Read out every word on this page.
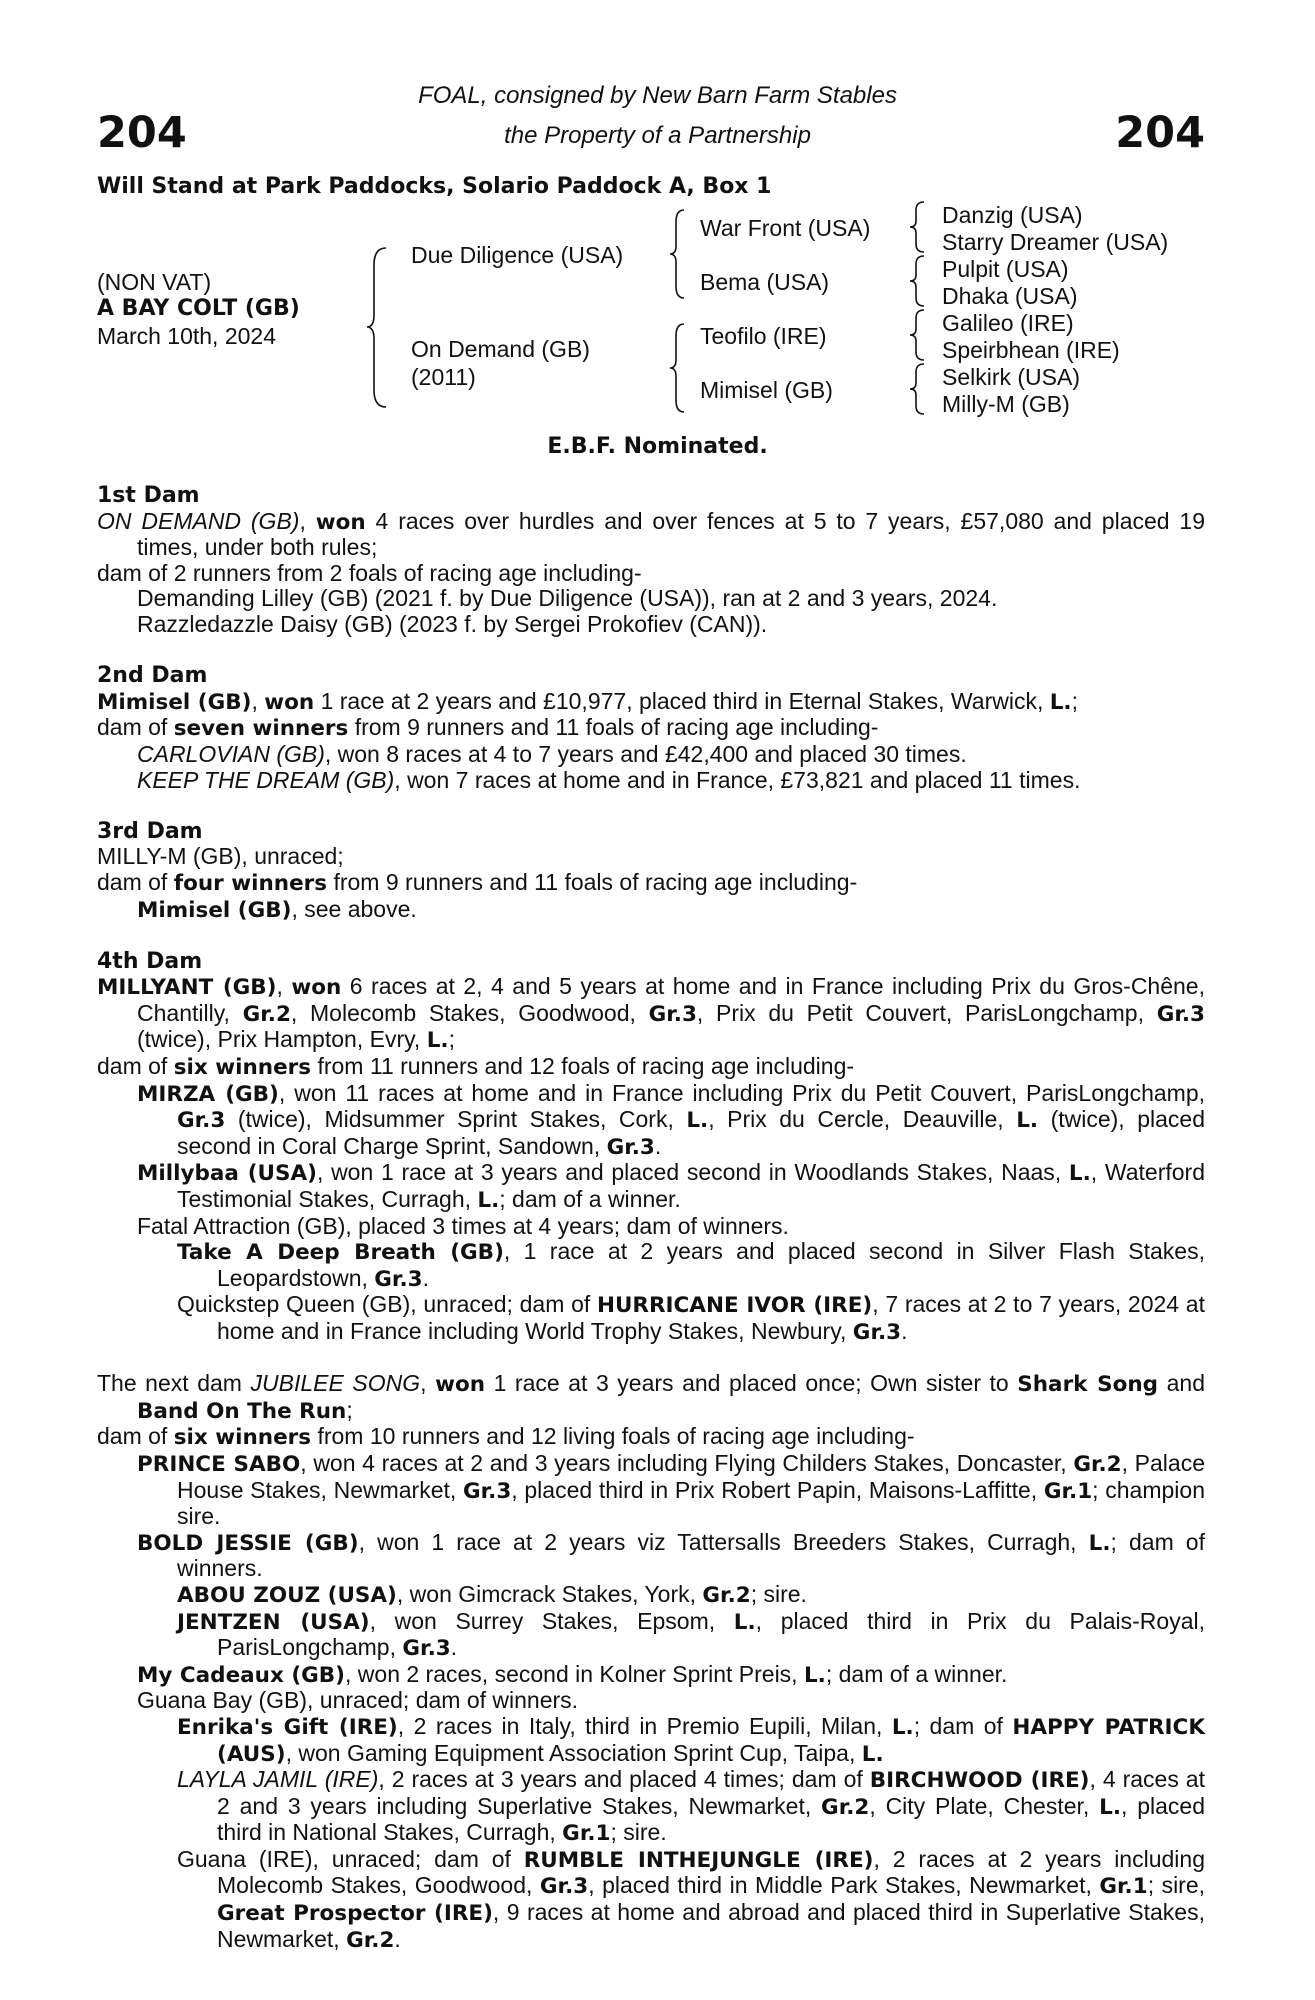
204	204
FOAL, consigned by New Barn Farm Stables
the Property of a Partnership
Will Stand at Park Paddocks, Solario Paddock A, Box 1
(NON VAT)
A BAY COLT (GB)
March 10th, 2024
Due Diligence (USA)
On Demand (GB)
(2011)
War Front (USA)
Bema (USA)
Teofilo (IRE)
Mimisel (GB)
Danzig (USA)
Starry Dreamer (USA)
Pulpit (USA)
Dhaka (USA)
Galileo (IRE)
Speirbhean (IRE)
Selkirk (USA)
Milly-M (GB)
E.B.F. Nominated.
1st Dam
ON DEMAND (GB), won 4 races over hurdles and over fences at 5 to 7 years, £57,080 and placed 19 times, under both rules;
dam of 2 runners from 2 foals of racing age including-
Demanding Lilley (GB) (2021 f. by Due Diligence (USA)), ran at 2 and 3 years, 2024.
Razzledazzle Daisy (GB) (2023 f. by Sergei Prokofiev (CAN)).
2nd Dam
Mimisel (GB), won 1 race at 2 years and £10,977, placed third in Eternal Stakes, Warwick, L.;
dam of seven winners from 9 runners and 11 foals of racing age including-
CARLOVIAN (GB), won 8 races at 4 to 7 years and £42,400 and placed 30 times.
KEEP THE DREAM (GB), won 7 races at home and in France, £73,821 and placed 11 times.
3rd Dam
MILLY-M (GB), unraced;
dam of four winners from 9 runners and 11 foals of racing age including-
Mimisel (GB), see above.
4th Dam
MILLYANT (GB), won 6 races at 2, 4 and 5 years at home and in France including Prix du Gros-Chêne, Chantilly, Gr.2, Molecomb Stakes, Goodwood, Gr.3, Prix du Petit Couvert, ParisLongchamp, Gr.3 (twice), Prix Hampton, Evry, L.;
dam of six winners from 11 runners and 12 foals of racing age including-
MIRZA (GB), won 11 races at home and in France including Prix du Petit Couvert, ParisLongchamp, Gr.3 (twice), Midsummer Sprint Stakes, Cork, L., Prix du Cercle, Deauville, L. (twice), placed second in Coral Charge Sprint, Sandown, Gr.3.
Millybaa (USA), won 1 race at 3 years and placed second in Woodlands Stakes, Naas, L., Waterford Testimonial Stakes, Curragh, L.; dam of a winner.
Fatal Attraction (GB), placed 3 times at 4 years; dam of winners.
Take A Deep Breath (GB), 1 race at 2 years and placed second in Silver Flash Stakes, Leopardstown, Gr.3.
Quickstep Queen (GB), unraced; dam of HURRICANE IVOR (IRE), 7 races at 2 to 7 years, 2024 at home and in France including World Trophy Stakes, Newbury, Gr.3.
The next dam JUBILEE SONG, won 1 race at 3 years and placed once; Own sister to Shark Song and Band On The Run;
dam of six winners from 10 runners and 12 living foals of racing age including-
PRINCE SABO, won 4 races at 2 and 3 years including Flying Childers Stakes, Doncaster, Gr.2, Palace House Stakes, Newmarket, Gr.3, placed third in Prix Robert Papin, Maisons-Laffitte, Gr.1; champion sire.
BOLD JESSIE (GB), won 1 race at 2 years viz Tattersalls Breeders Stakes, Curragh, L.; dam of winners.
ABOU ZOUZ (USA), won Gimcrack Stakes, York, Gr.2; sire.
JENTZEN (USA), won Surrey Stakes, Epsom, L., placed third in Prix du Palais-Royal, ParisLongchamp, Gr.3.
My Cadeaux (GB), won 2 races, second in Kolner Sprint Preis, L.; dam of a winner.
Guana Bay (GB), unraced; dam of winners.
Enrika's Gift (IRE), 2 races in Italy, third in Premio Eupili, Milan, L.; dam of HAPPY PATRICK (AUS), won Gaming Equipment Association Sprint Cup, Taipa, L.
LAYLA JAMIL (IRE), 2 races at 3 years and placed 4 times; dam of BIRCHWOOD (IRE), 4 races at 2 and 3 years including Superlative Stakes, Newmarket, Gr.2, City Plate, Chester, L., placed third in National Stakes, Curragh, Gr.1; sire.
Guana (IRE), unraced; dam of RUMBLE INTHEJUNGLE (IRE), 2 races at 2 years including Molecomb Stakes, Goodwood, Gr.3, placed third in Middle Park Stakes, Newmarket, Gr.1; sire, Great Prospector (IRE), 9 races at home and abroad and placed third in Superlative Stakes, Newmarket, Gr.2.
